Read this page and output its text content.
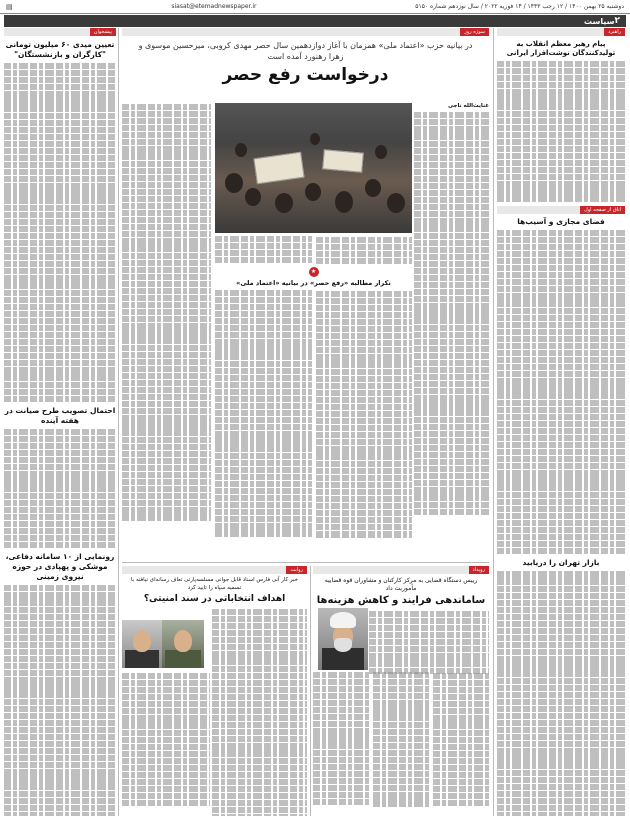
دوشنبه ۲۵ بهمن ۱۴۰۰ / ۱۲ رجب ۱۴۴۳ / ۱۴ فوریه ۲۰۲۲ / سال نوزدهم شماره ۵۱۵۰
siasat@etemadnewspaper.ir
▤
۲
سیاست
راهبرد
پیام رهبر معظم انقلاب به تولیدکنندگان نوشت‌افزار ایرانی
اتاق‌ از صفحه اول
فضای مجازی و آسیب‌ها
بازار تهران را دریابید
سوژه روز
در بیانیه حزب «اعتماد ملی» همزمان با آغاز دوازدهمین سال حصر مهدی کروبی، میرحسین موسوی و زهرا رهنورد آمده است
درخواست رفع حصر
عنایت‌الله ناجی
★
تکرار مطالبه «رفع حصر» در بیانیه «اعتماد ملی»
رویداد
رییس دستگاه قضایی به مرکز کارکنان و مشاوران قوه قضاییه مأموریت داد
ساماندهی فرایند و کاهش هزینه‌ها
روایت
خبر کار آنی فارس اسناد قابل جوانی مسلسه‌پارتی تعاف رسانه‌ای نیافته با تسمیه سپاه را تایید کرد
اهداف انتخاباتی در سند امنیتی؟
پیشخوان
تعیین میدی ۶۰ میلیون تومانی "کارگران و بازنشستگان"
احتمال تصویب طرح صیانت در هفته آینده
رونمایی از ۱۰ سامانه دفاعی، موشکی و پهپادی در حوزه نیروی زمینی
